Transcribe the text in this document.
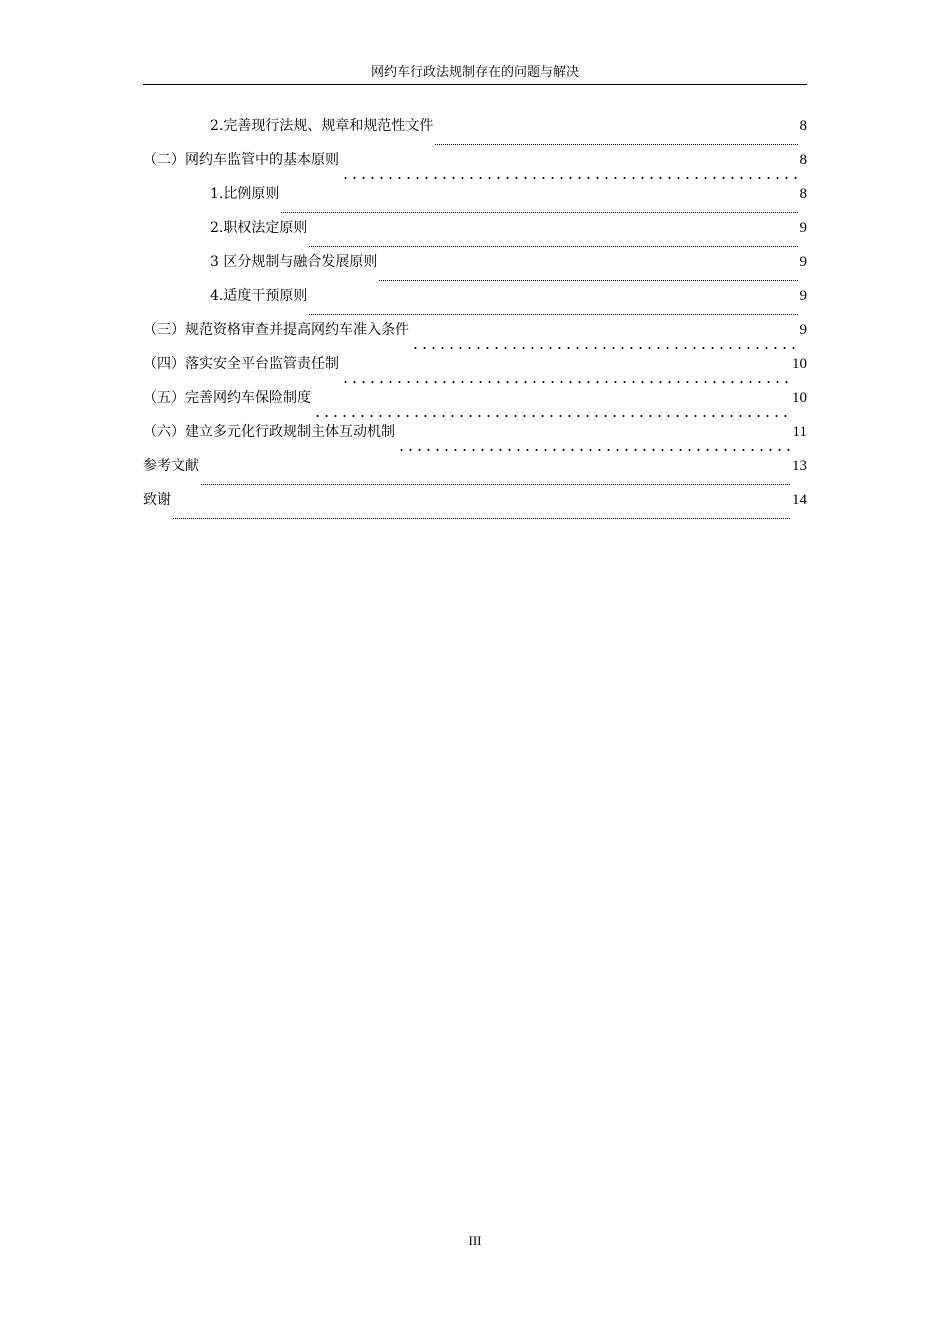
网约车行政法规制存在的问题与解决
2.完善现行法规、规章和规范性文件	8
（二）网约车监管中的基本原则	8
1.比例原则	8
2.职权法定原则	9
3 区分规制与融合发展原则	9
4.适度干预原则	9
（三）规范资格审查并提高网约车准入条件	9
（四）落实安全平台监管责任制	10
（五）完善网约车保险制度	10
（六）建立多元化行政规制主体互动机制	11
参考文献	13
致谢	14
III
